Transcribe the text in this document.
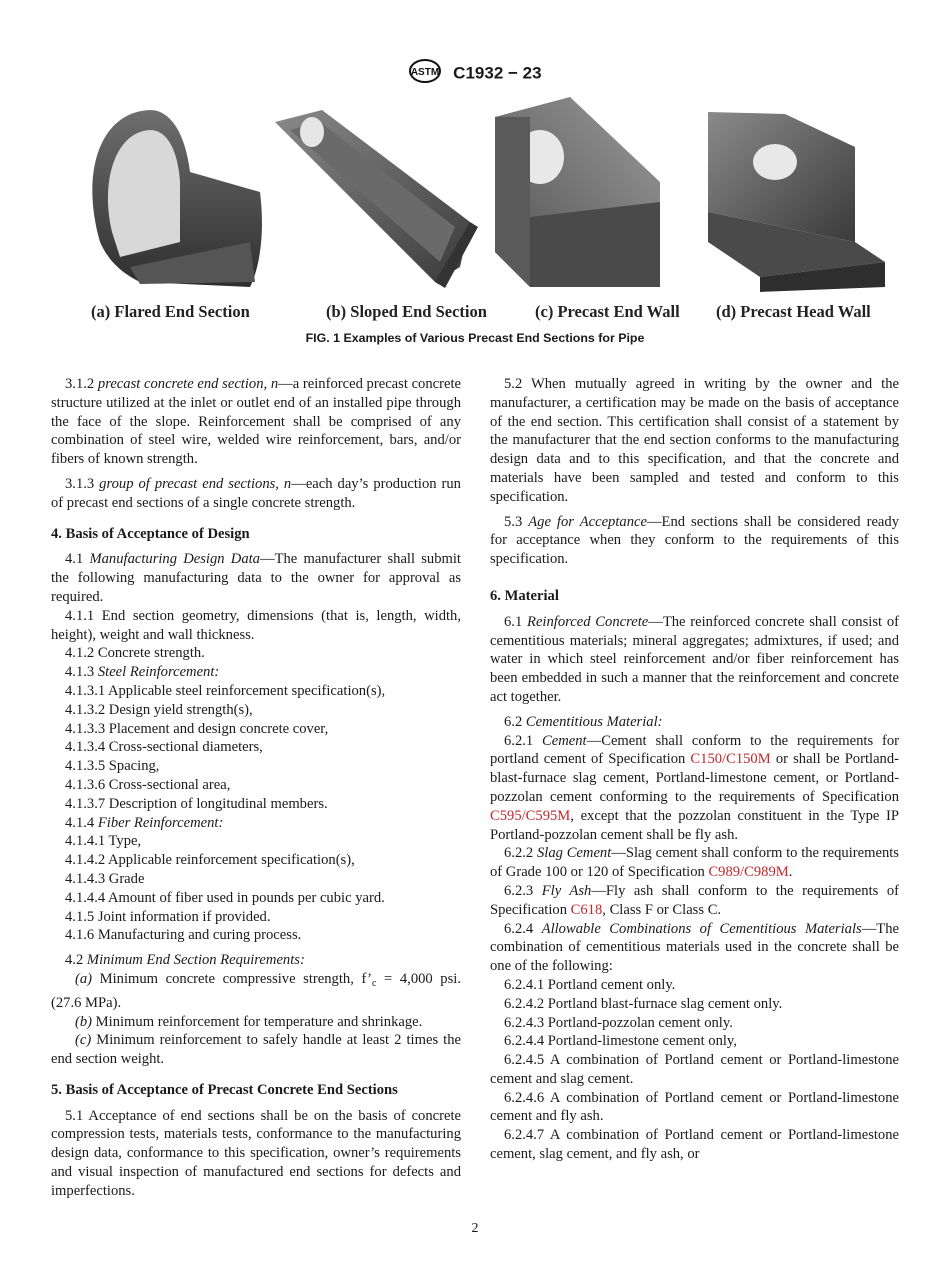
ASTM C1932 − 23
(a) Flared End Section	(b) Sloped End Section	(c) Precast End Wall (d) Precast Head Wall
FIG. 1 Examples of Various Precast End Sections for Pipe

3.1.2 precast concrete end section, n—a reinforced precast concrete structure utilized at the inlet or outlet end of an installed pipe through the face of the slope. Reinforcement shall be comprised of any combination of steel wire, welded wire reinforcement, bars, and/or fibers of known strength.

3.1.3 group of precast end sections, n—each day’s production run of precast end sections of a single concrete strength.

4. Basis of Acceptance of Design

4.1 Manufacturing Design Data—The manufacturer shall submit the following manufacturing data to the owner for approval as required.

4.1.1 End section geometry, dimensions (that is, length, width, height), weight and wall thickness.

4.1.2 Concrete strength.
4.1.3 Steel Reinforcement:
4.1.3.1 Applicable steel reinforcement specification(s),
4.1.3.2 Design yield strength(s),
4.1.3.3 Placement and design concrete cover,
4.1.3.4 Cross-sectional diameters,
4.1.3.5 Spacing,
4.1.3.6 Cross-sectional area,
4.1.3.7 Description of longitudinal members.
4.1.4 Fiber Reinforcement:
4.1.4.1 Type,
4.1.4.2 Applicable reinforcement specification(s),
4.1.4.3 Grade
4.1.4.4 Amount of fiber used in pounds per cubic yard.
4.1.5 Joint information if provided.
4.1.6 Manufacturing and curing process.
4.2 Minimum End Section Requirements:

(a) Minimum concrete compressive strength, $f’_c = 4,000$ psi. (27.6 MPa).

(b) Minimum reinforcement for temperature and shrinkage.

(c) Minimum reinforcement to safely handle at least 2 times the end section weight.

5. Basis of Acceptance of Precast Concrete End Sections

5.1 Acceptance of end sections shall be on the basis of concrete compression tests, materials tests, conformance to the manufacturing design data, conformance to this specification, owner’s requirements and visual inspection of manufactured end sections for defects and imperfections.

5.2 When mutually agreed in writing by the owner and the manufacturer, a certification may be made on the basis of acceptance of the end section. This certification shall consist of a statement by the manufacturer that the end section conforms to the manufacturing design data and to this specification, and that the concrete and materials have been sampled and tested and conform to this specification.

5.3 Age for Acceptance—End sections shall be considered ready for acceptance when they conform to the requirements of this specification.

6. Material

6.1 Reinforced Concrete—The reinforced concrete shall consist of cementitious materials; mineral aggregates; admixtures, if used; and water in which steel reinforcement and/or fiber reinforcement has been embedded in such a manner that the reinforcement and concrete act together.

6.2 Cementitious Material:

6.2.1 Cement—Cement shall conform to the requirements for portland cement of Specification C150/C150M or shall be Portland-blast-furnace slag cement, Portland-limestone cement, or Portland-pozzolan cement conforming to the requirements of Specification C595/C595M, except that the pozzolan constituent in the Type IP Portland-pozzolan cement shall be fly ash.

6.2.2 Slag Cement—Slag cement shall conform to the requirements of Grade 100 or 120 of Specification C989/C989M.

6.2.3 Fly Ash—Fly ash shall conform to the requirements of Specification C618, Class F or Class C.

6.2.4 Allowable Combinations of Cementitious Materials—The combination of cementitious materials used in the concrete shall be one of the following:

6.2.4.1 Portland cement only.
6.2.4.2 Portland blast-furnace slag cement only.
6.2.4.3 Portland-pozzolan cement only.
6.2.4.4 Portland-limestone cement only,

6.2.4.5 A combination of Portland cement or Portland-limestone cement and slag cement.

6.2.4.6 A combination of Portland cement or Portland-limestone cement and fly ash.

6.2.4.7 A combination of Portland cement or Portland-limestone cement, slag cement, and fly ash, or

2
